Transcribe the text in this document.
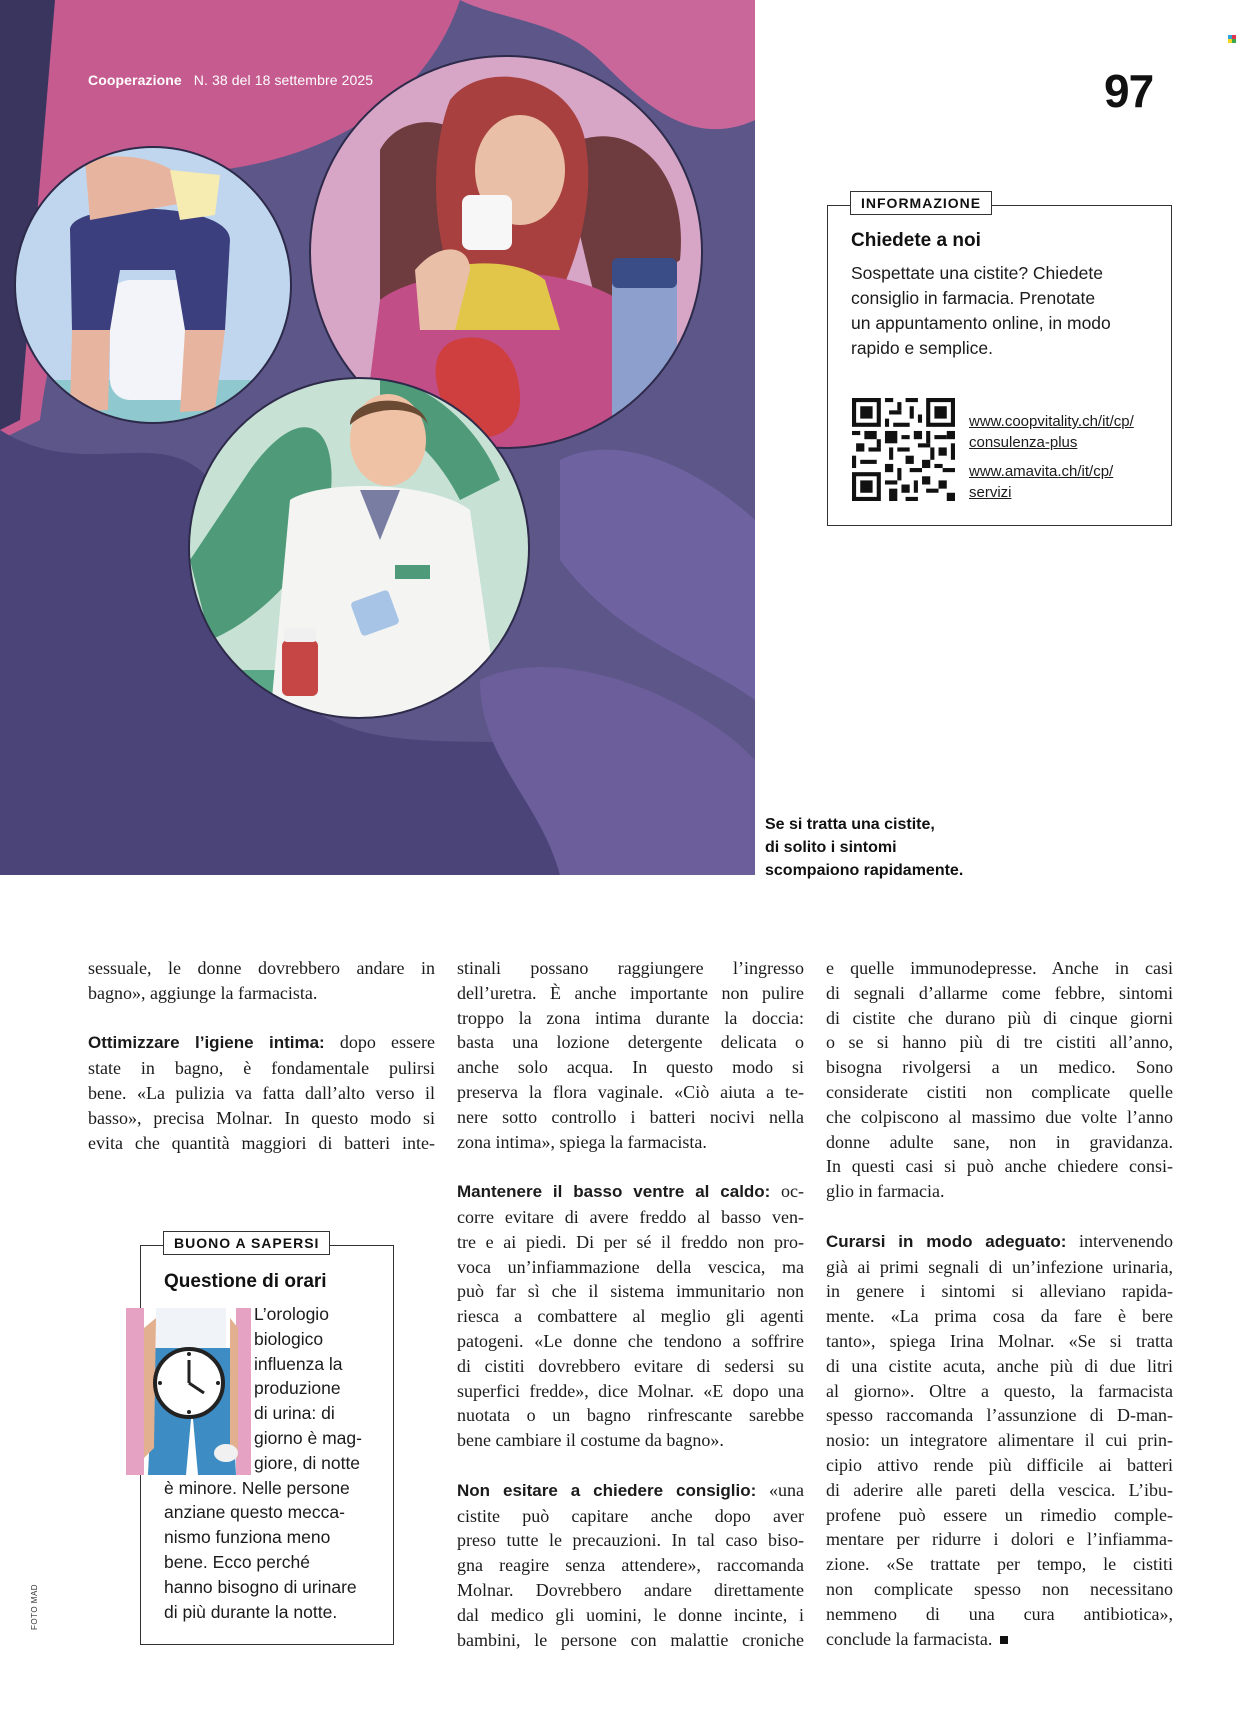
Cooperazione N. 38 del 18 settembre 2025	97
Se si tratta una cistite,
di solito i sintomi
scompaiono rapidamente.
INFORMAZIONE
Chiedete a noi
Sospettate una cistite? Chiedete
consiglio in farmacia. Prenotate
un appuntamento online, in modo
rapido e semplice.
www.coopvitality.ch/it/cp/
consulenza-plus
www.amavita.ch/it/cp/
servizi
sessuale, le donne dovrebbero andare in
bagno», aggiunge la farmacista.
Ottimizzare l’igiene intima: dopo essere
state in bagno, è fondamentale pulirsi
bene. «La pulizia va fatta dall’alto verso il
basso», precisa Molnar. In questo modo si
evita che quantità maggiori di batteri inte-
BUONO A SAPERSI
Questione di orari
L’orologio
biologico
influenza la
produzione
di urina: di
giorno è mag-
giore, di notte
è minore. Nelle persone
anziane questo mecca-
nismo funziona meno
bene. Ecco perché
hanno bisogno di urinare
di più durante la notte.
stinali possano raggiungere l’ingresso
dell’uretra. È anche importante non pulire
troppo la zona intima durante la doccia:
basta una lozione detergente delicata o
anche solo acqua. In questo modo si
preserva la flora vaginale. «Ciò aiuta a te-
nere sotto controllo i batteri nocivi nella
zona intima», spiega la farmacista.
Mantenere il basso ventre al caldo: oc-
corre evitare di avere freddo al basso ven-
tre e ai piedi. Di per sé il freddo non pro-
voca un’infiammazione della vescica, ma
può far sì che il sistema immunitario non
riesca a combattere al meglio gli agenti
patogeni. «Le donne che tendono a soffrire
di cistiti dovrebbero evitare di sedersi su
superfici fredde», dice Molnar. «E dopo una
nuotata o un bagno rinfrescante sarebbe
bene cambiare il costume da bagno».
Non esitare a chiedere consiglio: «una
cistite può capitare anche dopo aver
preso tutte le precauzioni. In tal caso biso-
gna reagire senza attendere», raccomanda
Molnar. Dovrebbero andare direttamente
dal medico gli uomini, le donne incinte, i
bambini, le persone con malattie croniche
e quelle immunodepresse. Anche in casi
di segnali d’allarme come febbre, sintomi
di cistite che durano più di cinque giorni
o se si hanno più di tre cistiti all’anno,
bisogna rivolgersi a un medico. Sono
considerate cistiti non complicate quelle
che colpiscono al massimo due volte l’anno
donne adulte sane, non in gravidanza.
In questi casi si può anche chiedere consi-
glio in farmacia.
Curarsi in modo adeguato: intervenendo
già ai primi segnali di un’infezione urinaria,
in genere i sintomi si alleviano rapida-
mente. «La prima cosa da fare è bere
tanto», spiega Irina Molnar. «Se si tratta
di una cistite acuta, anche più di due litri
al giorno». Oltre a questo, la farmacista
spesso raccomanda l’assunzione di D-man-
nosio: un integratore alimentare il cui prin-
cipio attivo rende più difficile ai batteri
di aderire alle pareti della vescica. L’ibu-
profene può essere un rimedio comple-
mentare per ridurre i dolori e l’infiamma-
zione. «Se trattate per tempo, le cistiti
non complicate spesso non necessitano
nemmeno di una cura antibiotica»,
conclude la farmacista.
FOTO MAD
